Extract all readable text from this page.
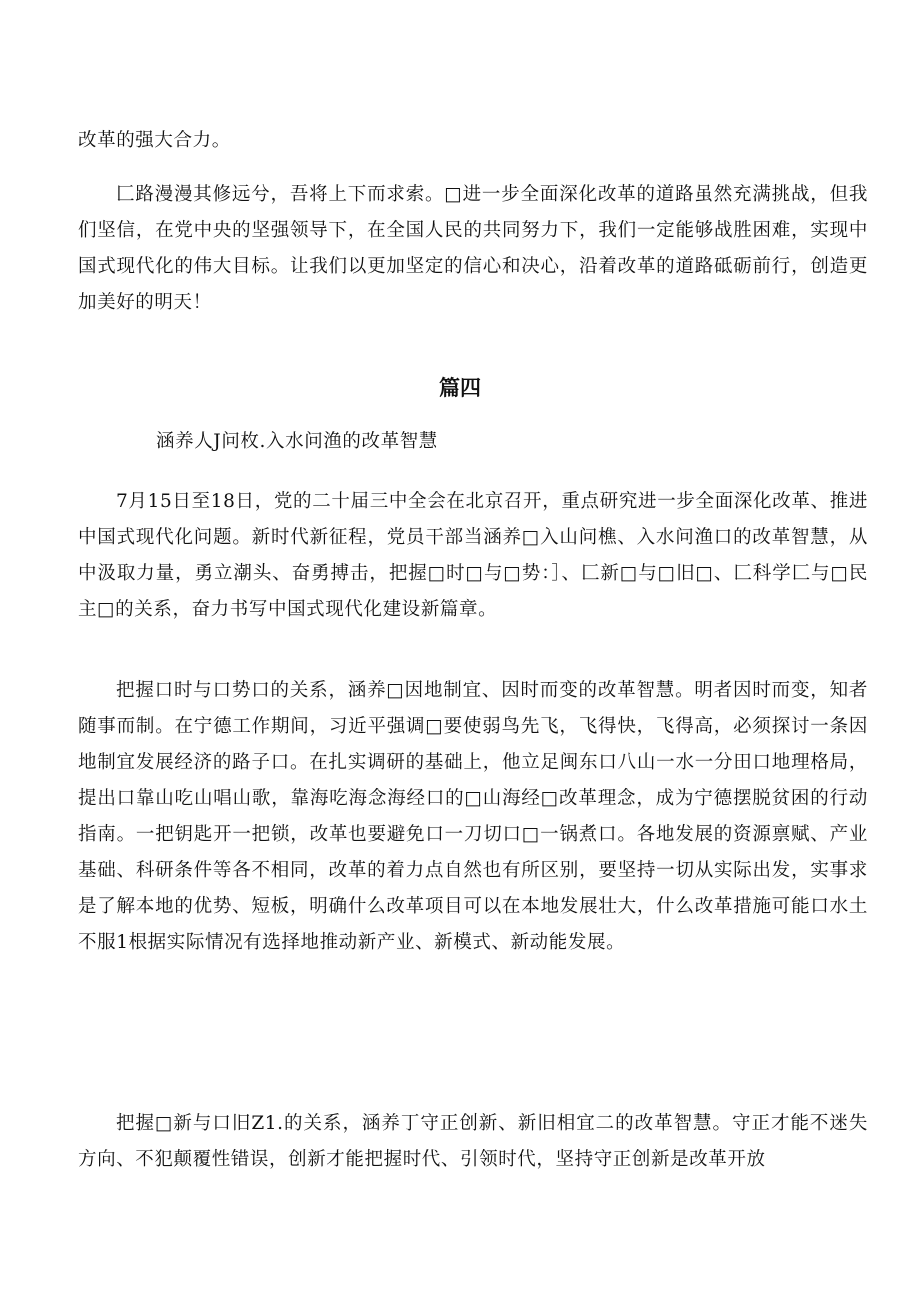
改革的强大合力。

匚路漫漫其修远兮，吾将上下而求索。□进一步全面深化改革的道路虽然充满挑战，但我们坚信，在党中央的坚强领导下，在全国人民的共同努力下，我们一定能够战胜困难，实现中国式现代化的伟大目标。让我们以更加坚定的信心和决心，沿着改革的道路砥砺前行，创造更加美好的明天！

篇四

涵养人J问枚.入水问渔的改革智慧

7月15日至18日，党的二十届三中全会在北京召开，重点研究进一步全面深化改革、推进中国式现代化问题。新时代新征程，党员干部当涵养□入山问樵、入水问渔口的改革智慧，从中汲取力量，勇立潮头、奋勇搏击，把握□时□与□势：］、匚新□与□旧□、匚科学匚与□民主□的关系，奋力书写中国式现代化建设新篇章。

把握口时与口势口的关系，涵养□因地制宜、因时而变的改革智慧。明者因时而变，知者随事而制。在宁德工作期间，习近平强调□要使弱鸟先飞，飞得快，飞得高，必须探讨一条因地制宜发展经济的路子口。在扎实调研的基础上，他立足闽东口八山一水一分田口地理格局，提出口靠山吃山唱山歌，靠海吃海念海经口的□山海经□改革理念，成为宁德摆脱贫困的行动指南。一把钥匙开一把锁，改革也要避免口一刀切口□一锅煮口。各地发展的资源禀赋、产业基础、科研条件等各不相同，改革的着力点自然也有所区别，要坚持一切从实际出发，实事求是了解本地的优势、短板，明确什么改革项目可以在本地发展壮大，什么改革措施可能口水土不服1根据实际情况有选择地推动新产业、新模式、新动能发展。

把握□新与口旧Z1.的关系，涵养丁守正创新、新旧相宜二的改革智慧。守正才能不迷失方向、不犯颠覆性错误，创新才能把握时代、引领时代，坚持守正创新是改革开放
